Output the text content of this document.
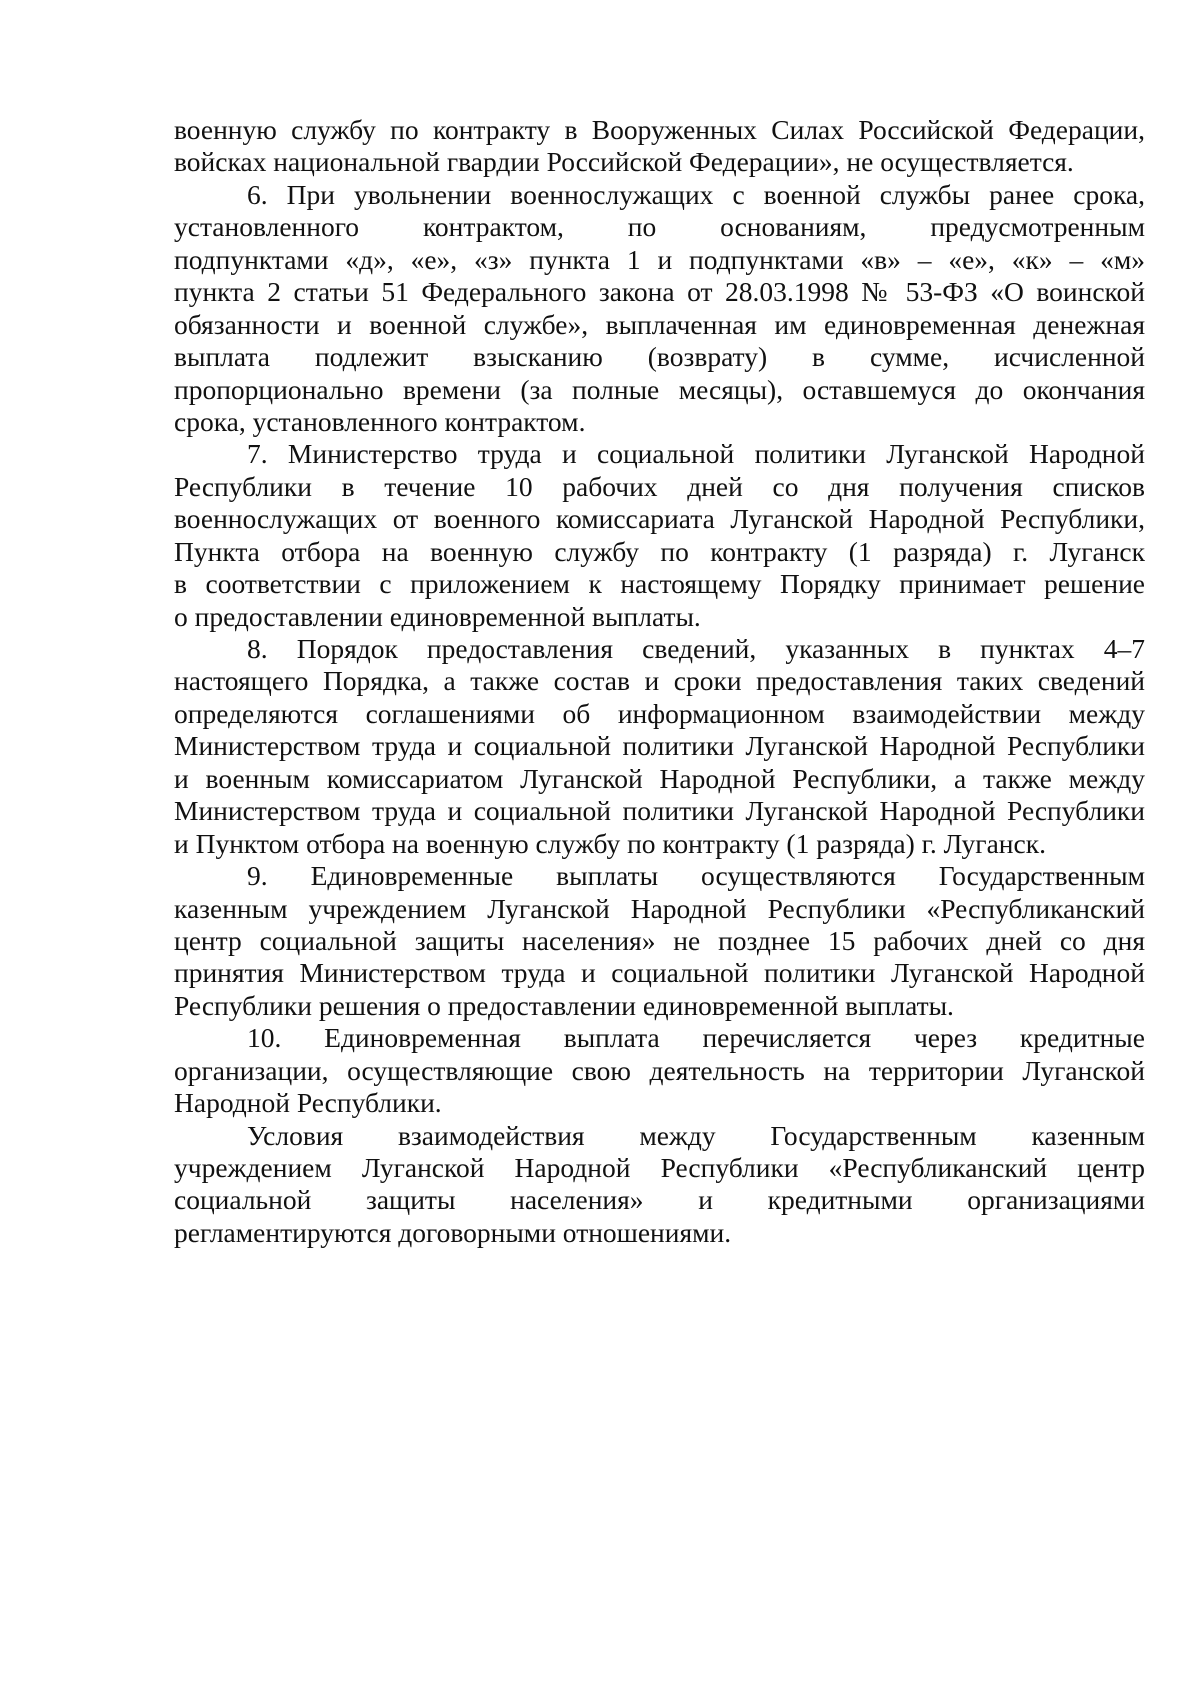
военную службу по контракту в Вооруженных Силах Российской Федерации,
войсках национальной гвардии Российской Федерации», не осуществляется.
6. При увольнении военнослужащих с военной службы ранее срока,
установленного контрактом, по основаниям, предусмотренным
подпунктами «д», «е», «з» пункта 1 и подпунктами «в» – «е», «к» – «м»
пункта 2 статьи 51 Федерального закона от 28.03.1998 № 53-ФЗ «О воинской
обязанности и военной службе», выплаченная им единовременная денежная
выплата подлежит взысканию (возврату) в сумме, исчисленной
пропорционально времени (за полные месяцы), оставшемуся до окончания
срока, установленного контрактом.
7. Министерство труда и социальной политики Луганской Народной
Республики в течение 10 рабочих дней со дня получения списков
военнослужащих от военного комиссариата Луганской Народной Республики,
Пункта отбора на военную службу по контракту (1 разряда) г. Луганск
в соответствии с приложением к настоящему Порядку принимает решение
о предоставлении единовременной выплаты.
8. Порядок предоставления сведений, указанных в пунктах 4–7
настоящего Порядка, а также состав и сроки предоставления таких сведений
определяются соглашениями об информационном взаимодействии между
Министерством труда и социальной политики Луганской Народной Республики
и военным комиссариатом Луганской Народной Республики, а также между
Министерством труда и социальной политики Луганской Народной Республики
и Пунктом отбора на военную службу по контракту (1 разряда) г. Луганск.
9. Единовременные выплаты осуществляются Государственным
казенным учреждением Луганской Народной Республики «Республиканский
центр социальной защиты населения» не позднее 15 рабочих дней со дня
принятия Министерством труда и социальной политики Луганской Народной
Республики решения о предоставлении единовременной выплаты.
10. Единовременная выплата перечисляется через кредитные
организации, осуществляющие свою деятельность на территории Луганской
Народной Республики.
Условия взаимодействия между Государственным казенным
учреждением Луганской Народной Республики «Республиканский центр
социальной защиты населения» и кредитными организациями
регламентируются договорными отношениями.
